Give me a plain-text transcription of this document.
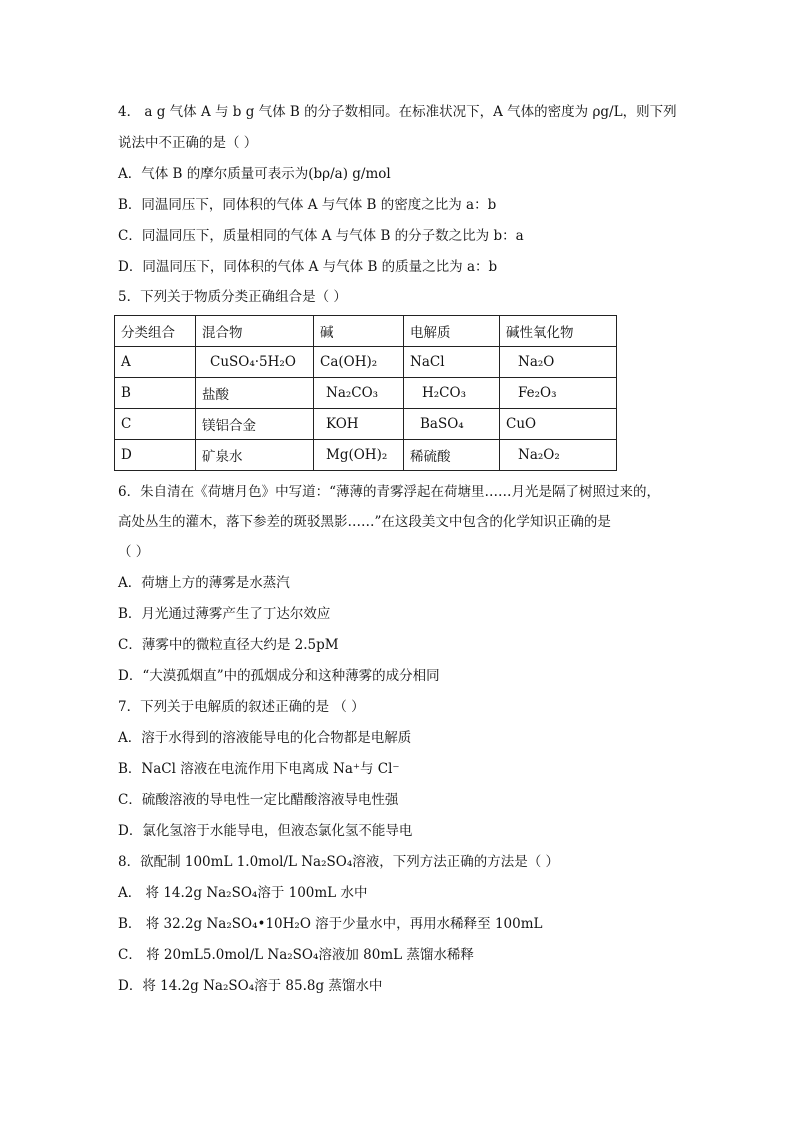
4． a g 气体 A 与 b g 气体 B 的分子数相同。在标准状况下，A 气体的密度为 ρg/L，则下列
说法中不正确的是（ ）
A．气体 B 的摩尔质量可表示为(bρ/a) g/mol
B．同温同压下，同体积的气体 A 与气体 B 的密度之比为 a：b
C．同温同压下，质量相同的气体 A 与气体 B 的分子数之比为 b：a
D．同温同压下，同体积的气体 A 与气体 B 的质量之比为 a：b
5．下列关于物质分类正确组合是（ ）
分类组合	混合物	碱	电解质	碱性氧化物
A	CuSO₄·5H₂O	Ca(OH)₂	NaCl	Na₂O
B	盐酸	Na₂CO₃	H₂CO₃	Fe₂O₃
C	镁铝合金	KOH	BaSO₄	CuO
D	矿泉水	Mg(OH)₂	稀硫酸	Na₂O₂
6．朱自清在《荷塘月色》中写道：“薄薄的青雾浮起在荷塘里……月光是隔了树照过来的，
高处丛生的灌木，落下参差的斑驳黑影……”在这段美文中包含的化学知识正确的是
（ ）
A．荷塘上方的薄雾是水蒸汽
B．月光通过薄雾产生了丁达尔效应
C．薄雾中的微粒直径大约是 2.5pM
D．“大漠孤烟直”中的孤烟成分和这种薄雾的成分相同
7．下列关于电解质的叙述正确的是 （ ）
A．溶于水得到的溶液能导电的化合物都是电解质
B．NaCl 溶液在电流作用下电离成 Na⁺与 Cl⁻
C．硫酸溶液的导电性一定比醋酸溶液导电性强
D．氯化氢溶于水能导电，但液态氯化氢不能导电
8．欲配制 100mL 1.0mol/L Na₂SO₄溶液，下列方法正确的方法是（ ）
A． 将 14.2g Na₂SO₄溶于 100mL 水中
B． 将 32.2g Na₂SO₄•10H₂O 溶于少量水中，再用水稀释至 100mL
C． 将 20mL5.0mol/L Na₂SO₄溶液加 80mL 蒸馏水稀释
D．将 14.2g Na₂SO₄溶于 85.8g 蒸馏水中
